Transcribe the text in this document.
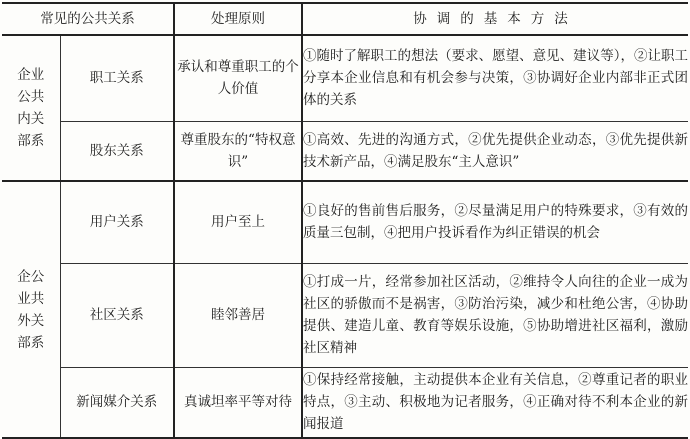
常见的公共关系		处理原则	协调的基本方法
企业公共内关部系	职工关系	承认和尊重职工的个人价值	①随时了解职工的想法（要求、愿望、意见、建议等），②让职工分享本企业信息和有机会参与决策，③协调好企业内部非正式团体的关系
	股东关系	尊重股东的“特权意识”	①高效、先进的沟通方式，②优先提供企业动态，③优先提供新技术新产品，④满足股东“主人意识”
企公业共外关部系	用户关系	用户至上	①良好的售前售后服务，②尽量满足用户的特殊要求，③有效的质量三包制，④把用户投诉看作为纠正错误的机会
	社区关系	睦邻善居	①打成一片，经常参加社区活动，②维持令人向往的企业一成为社区的骄傲而不是祸害，③防治污染，减少和杜绝公害，④协助提供、建造儿童、教育等娱乐设施，⑤协助增进社区福利，激励社区精神
	新闻媒介关系	真诚坦率平等对待	①保持经常接触，主动提供本企业有关信息，②尊重记者的职业特点，③主动、积极地为记者服务，④正确对待不利本企业的新闻报道
